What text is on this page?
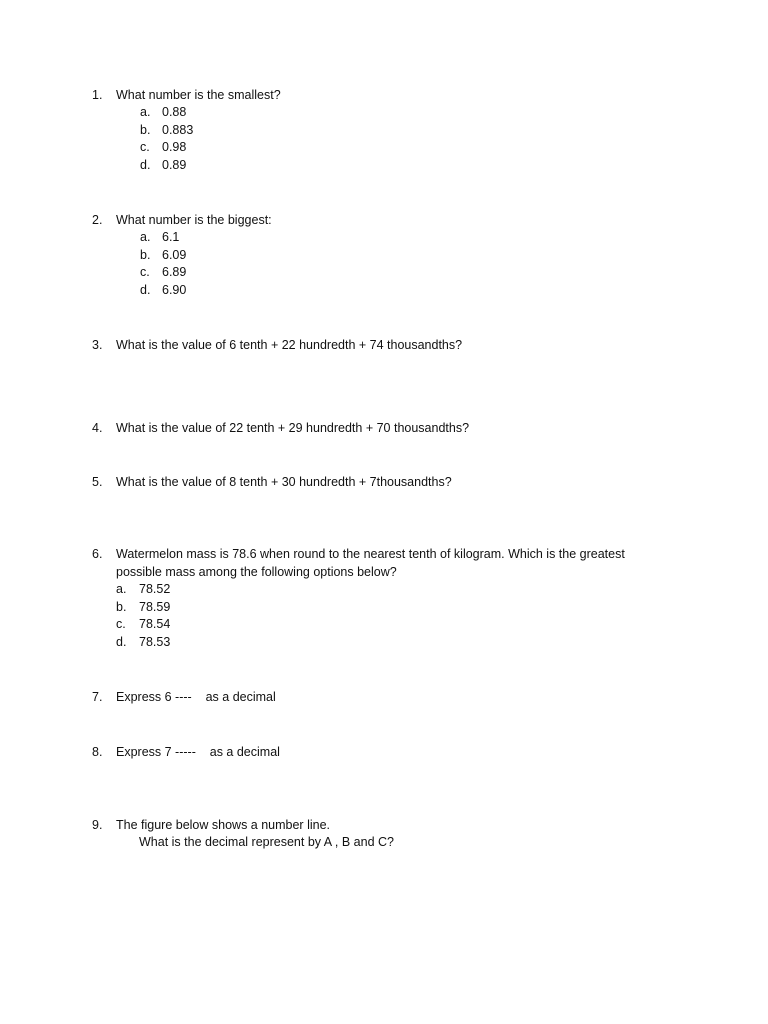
1. What number is the smallest?
a. 0.88
b. 0.883
c. 0.98
d. 0.89
2. What number is the biggest:
a. 6.1
b. 6.09
c. 6.89
d. 6.90
3. What is the value of 6 tenth + 22 hundredth + 74 thousandths?
4. What is the value of 22 tenth + 29 hundredth + 70 thousandths?
5. What is the value of 8 tenth + 30 hundredth + 7thousandths?
6. Watermelon mass is 78.6 when round to the nearest tenth of kilogram. Which is the greatest
possible mass among the following options below?
a. 78.52
b. 78.59
c. 78.54
d. 78.53
7. Express 6 ----    as a decimal
8. Express 7 -----    as a decimal
9. The figure below shows a number line.
What is the decimal represent by A , B and C?
